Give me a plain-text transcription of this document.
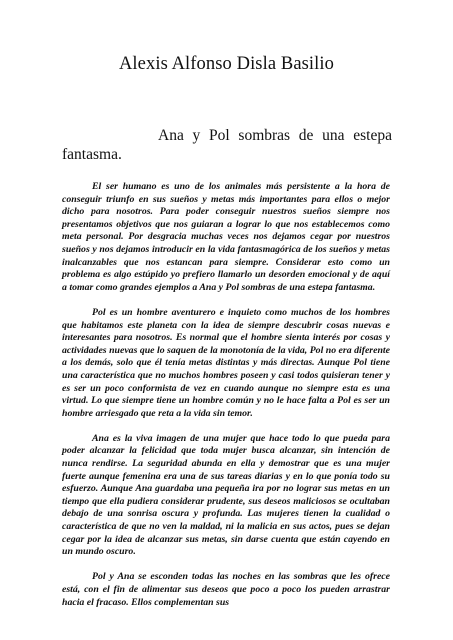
Alexis Alfonso Disla Basilio
Ana y Pol sombras de una estepa fantasma.

El ser humano es uno de los animales más persistente a la hora de conseguir triunfo en sus sueños y metas más importantes para ellos o mejor dicho para nosotros. Para poder conseguir nuestros sueños siempre nos presentamos objetivos que nos guiaran a lograr lo que nos establecemos como meta personal. Por desgracia muchas veces nos dejamos cegar por nuestros sueños y nos dejamos introducir en la vida fantasmagórica de los sueños y metas inalcanzables que nos estancan para siempre. Considerar esto como un problema es algo estúpido yo prefiero llamarlo un desorden emocional y de aquí a tomar como grandes ejemplos a Ana y Pol sombras de una estepa fantasma.

Pol es un hombre aventurero e inquieto como muchos de los hombres que habitamos este planeta con la idea de siempre descubrir cosas nuevas e interesantes para nosotros. Es normal que el hombre sienta interés por cosas y actividades nuevas que lo saquen de la monotonía de la vida, Pol no era diferente a los demás, solo que él tenía metas distintas y más directas. Aunque Pol tiene una característica que no muchos hombres poseen y casi todos quisieran tener y es ser un poco conformista de vez en cuando aunque no siempre esta es una virtud. Lo que siempre tiene un hombre común y no le hace falta a Pol es ser un hombre arriesgado que reta a la vida sin temor.

Ana es la viva imagen de una mujer que hace todo lo que pueda para poder alcanzar la felicidad que toda mujer busca alcanzar, sin intención de nunca rendirse. La seguridad abunda en ella y demostrar que es una mujer fuerte aunque femenina era una de sus tareas diarias y en lo que ponía todo su esfuerzo. Aunque Ana guardaba una pequeña ira por no lograr sus metas en un tiempo que ella pudiera considerar prudente, sus deseos maliciosos se ocultaban debajo de una sonrisa oscura y profunda. Las mujeres tienen la cualidad o característica de que no ven la maldad, ni la malicia en sus actos, pues se dejan cegar por la idea de alcanzar sus metas, sin darse cuenta que están cayendo en un mundo oscuro.

Pol y Ana se esconden todas las noches en las sombras que les ofrece está, con el fin de alimentar sus deseos que poco a poco los pueden arrastrar hacia el fracaso. Ellos complementan sus
